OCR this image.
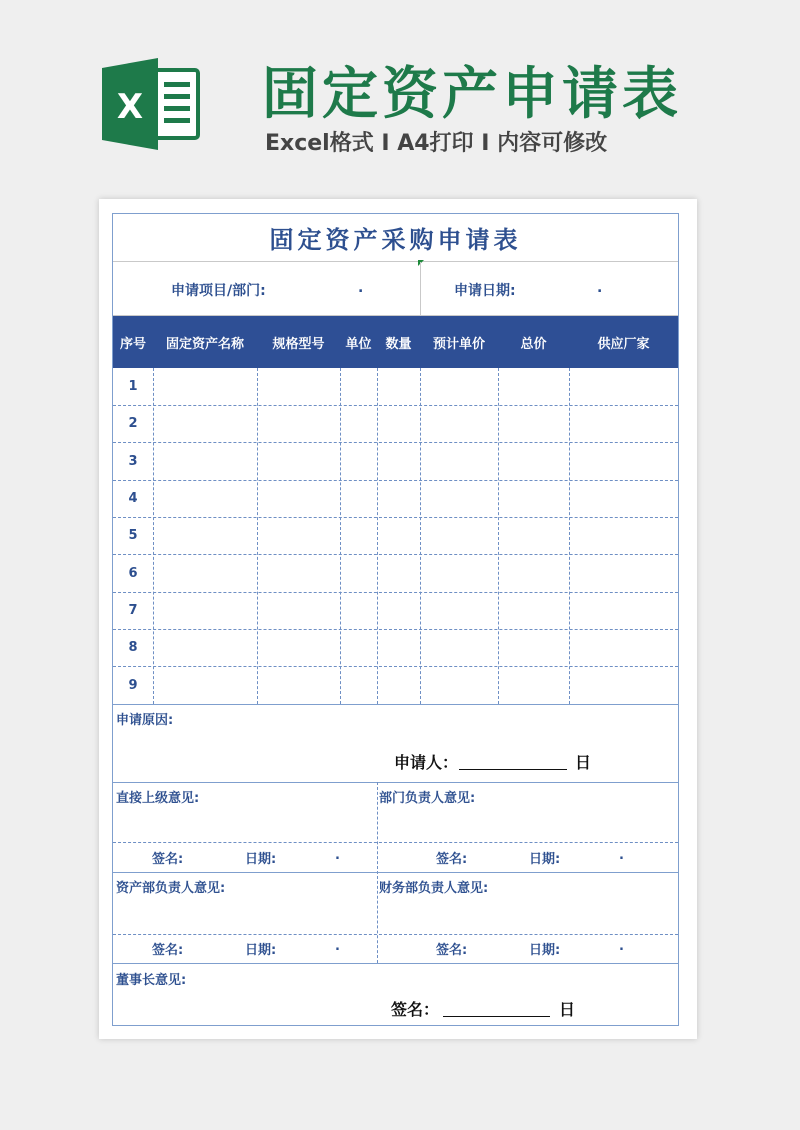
X 固定资产申请表
Excel格式 I A4打印 I 内容可修改
固定资产采购申请表
申请项目/部门:	.	申请日期:	.
序号	固定资产名称	规格型号	单位	数量	预计单价	总价	供应厂家
1
2
3
4
5
6
7
8
9
申请原因:
申请人：	日
直接上级意见:	部门负责人意见:
签名:	日期:	.	签名:	日期:	.
资产部负责人意见:	财务部负责人意见:
签名:	日期:	.	签名:	日期:	.
董事长意见:
签名：	日
